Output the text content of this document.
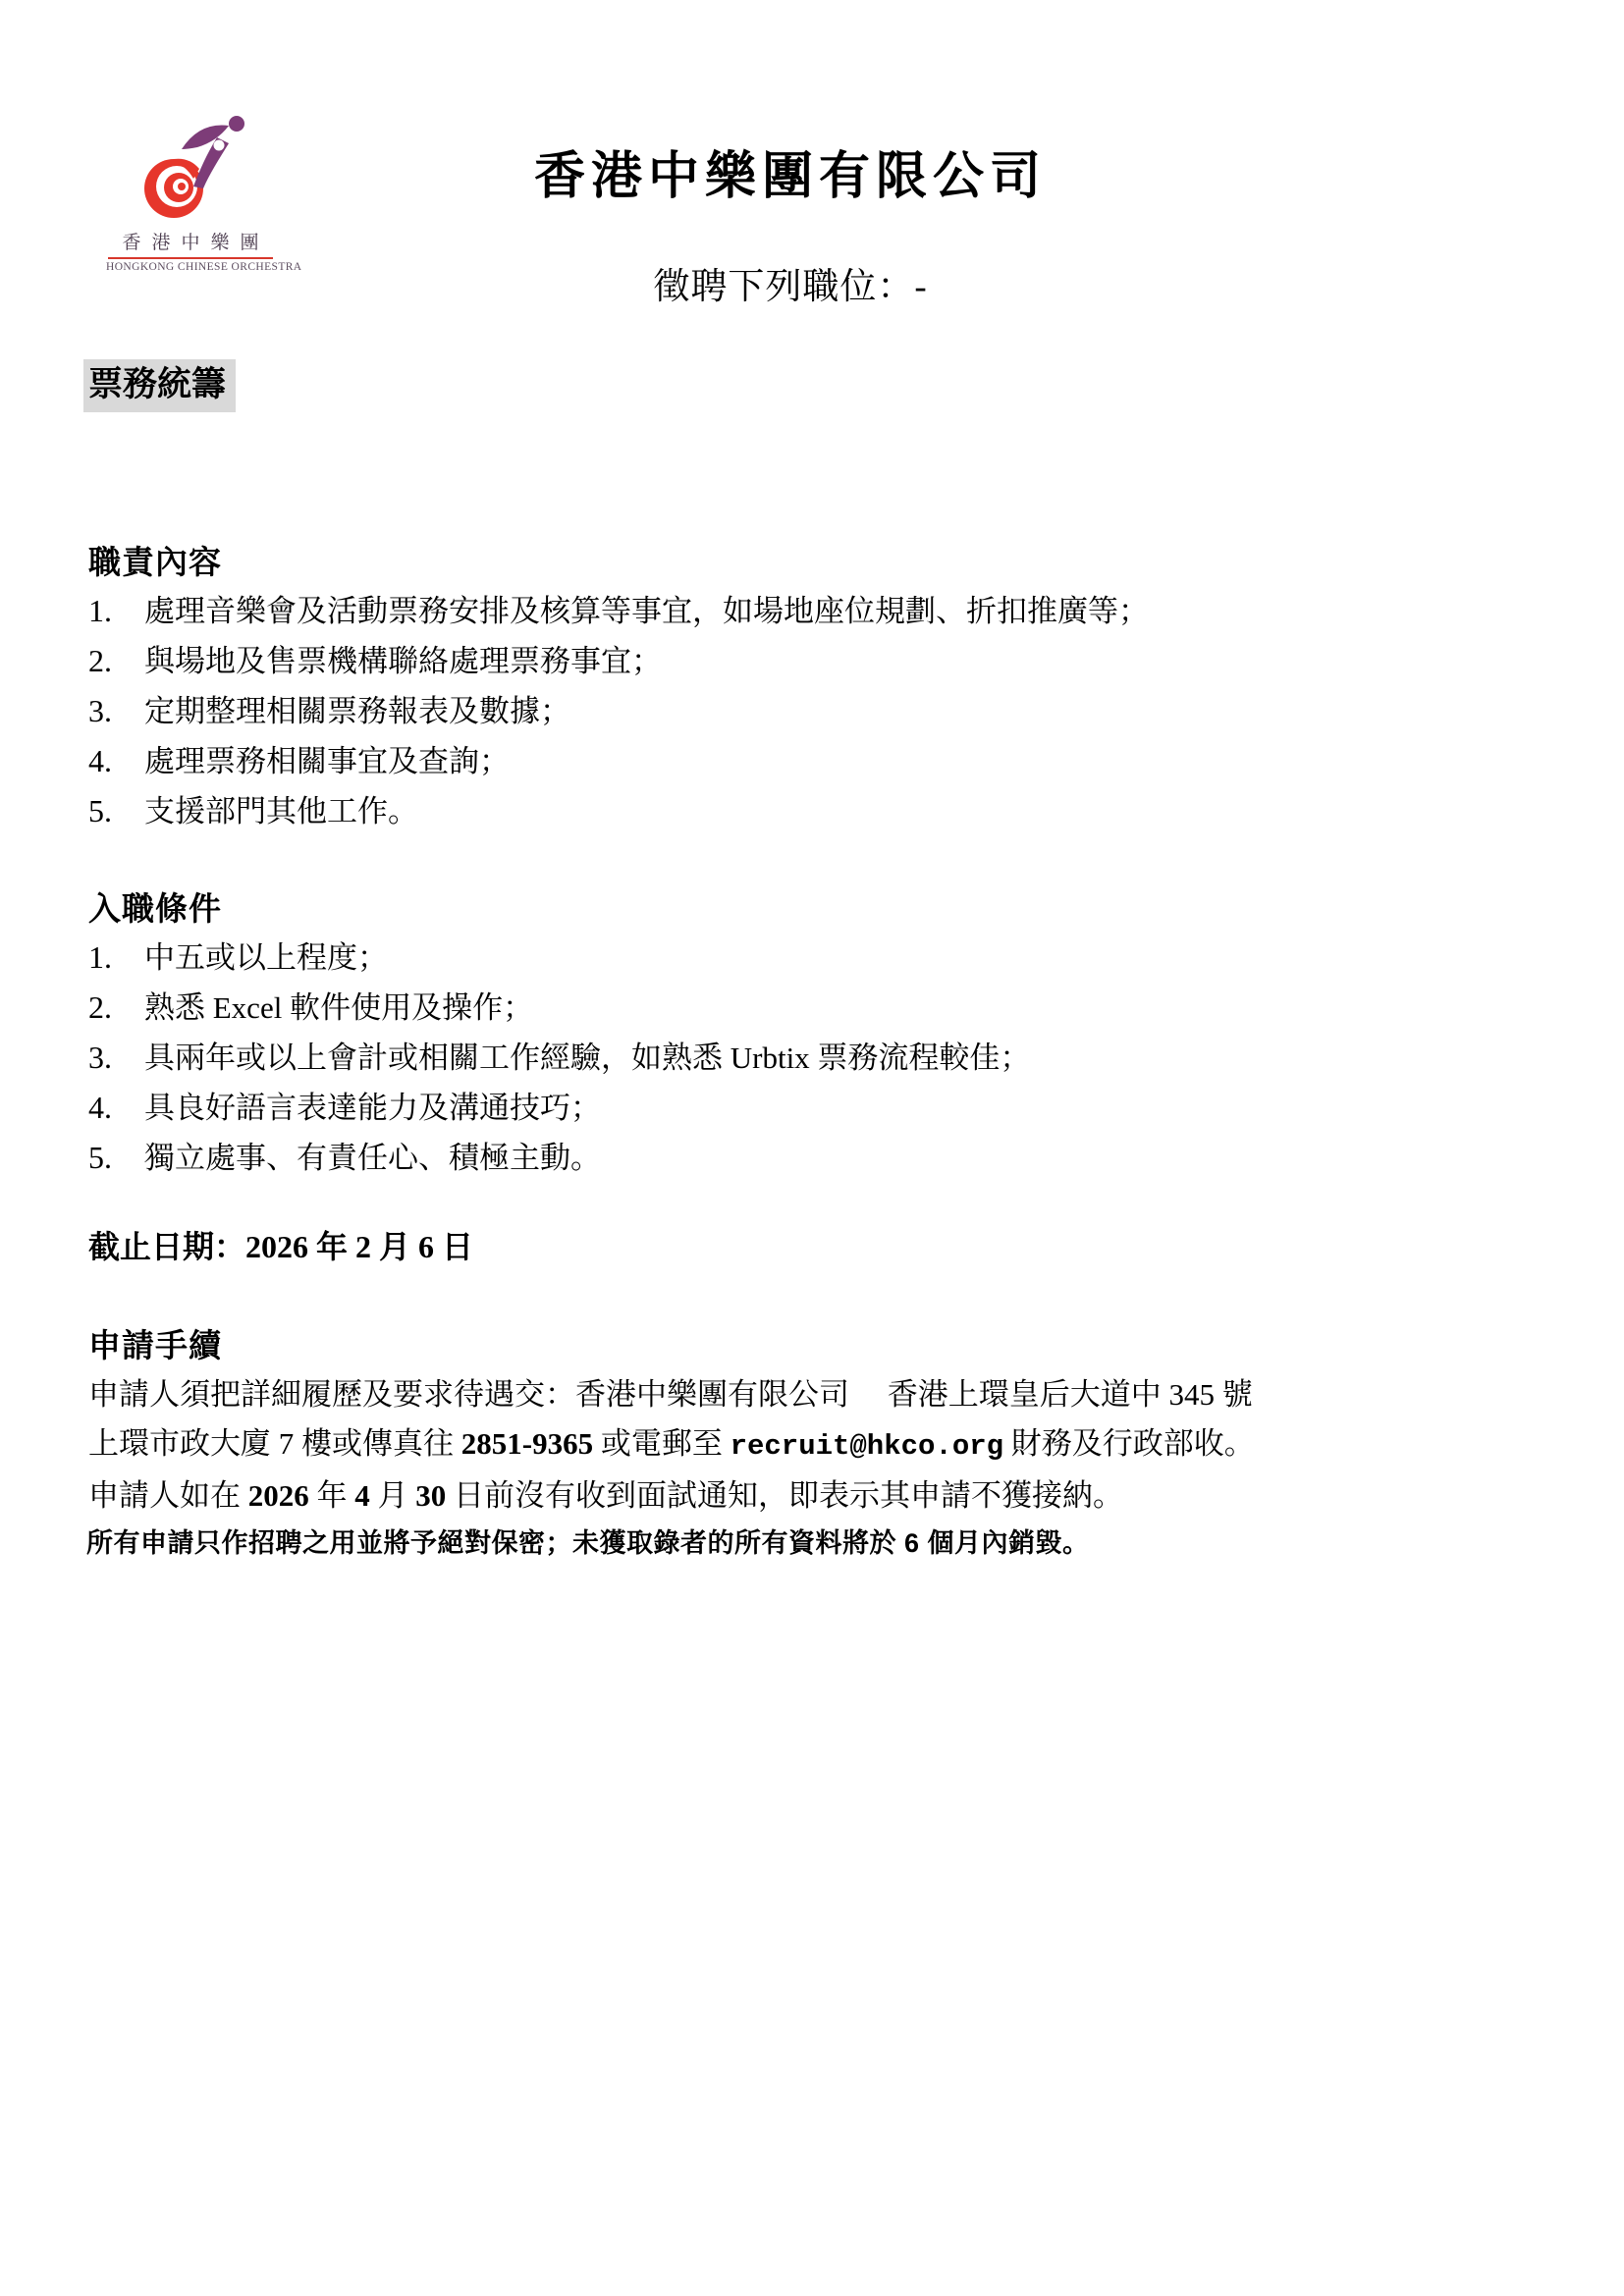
香港中樂團
HONGKONG CHINESE ORCHESTRA
香港中樂團有限公司
徵聘下列職位：-
票務統籌
職責內容
1. 處理音樂會及活動票務安排及核算等事宜，如場地座位規劃、折扣推廣等；
2. 與場地及售票機構聯絡處理票務事宜；
3. 定期整理相關票務報表及數據；
4. 處理票務相關事宜及查詢；
5. 支援部門其他工作。
入職條件
1. 中五或以上程度；
2. 熟悉 Excel 軟件使用及操作；
3. 具兩年或以上會計或相關工作經驗，如熟悉 Urbtix 票務流程較佳；
4. 具良好語言表達能力及溝通技巧；
5. 獨立處事、有責任心、積極主動。
截止日期：2026 年 2 月 6 日
申請手續
申請人須把詳細履歷及要求待遇交：香港中樂團有限公司　 香港上環皇后大道中 345 號
上環市政大廈 7 樓或傳真往 2851-9365 或電郵至 recruit@hkco.org 財務及行政部收。
申請人如在 2026 年 4 月 30 日前沒有收到面試通知，即表示其申請不獲接納。
所有申請只作招聘之用並將予絕對保密；未獲取錄者的所有資料將於 6 個月內銷毀。
